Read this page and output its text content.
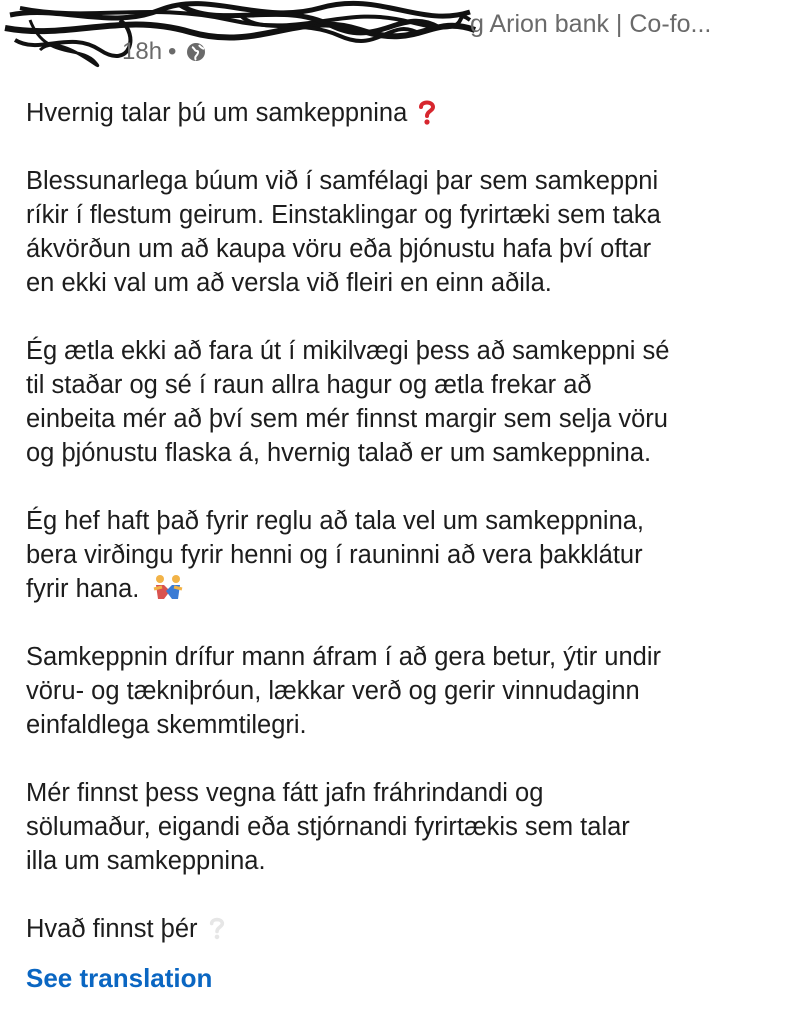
g Arion bank | Co-fo...
18h •

Hvernig talar þú um samkeppnina

Blessunarlega búum við í samfélagi þar sem samkeppni
ríkir í flestum geirum. Einstaklingar og fyrirtæki sem taka
ákvörðun um að kaupa vöru eða þjónustu hafa því oftar
en ekki val um að versla við fleiri en einn aðila.

Ég ætla ekki að fara út í mikilvægi þess að samkeppni sé
til staðar og sé í raun allra hagur og ætla frekar að
einbeita mér að því sem mér finnst margir sem selja vöru
og þjónustu flaska á, hvernig talað er um samkeppnina.

Ég hef haft það fyrir reglu að tala vel um samkeppnina,
bera virðingu fyrir henni og í rauninni að vera þakklátur
fyrir hana.

Samkeppnin drífur mann áfram í að gera betur, ýtir undir
vöru- og tækniþróun, lækkar verð og gerir vinnudaginn
einfaldlega skemmtilegri.

Mér finnst þess vegna fátt jafn fráhrindandi og
sölumaður, eigandi eða stjórnandi fyrirtækis sem talar
illa um samkeppnina.

Hvað finnst þér

See translation
